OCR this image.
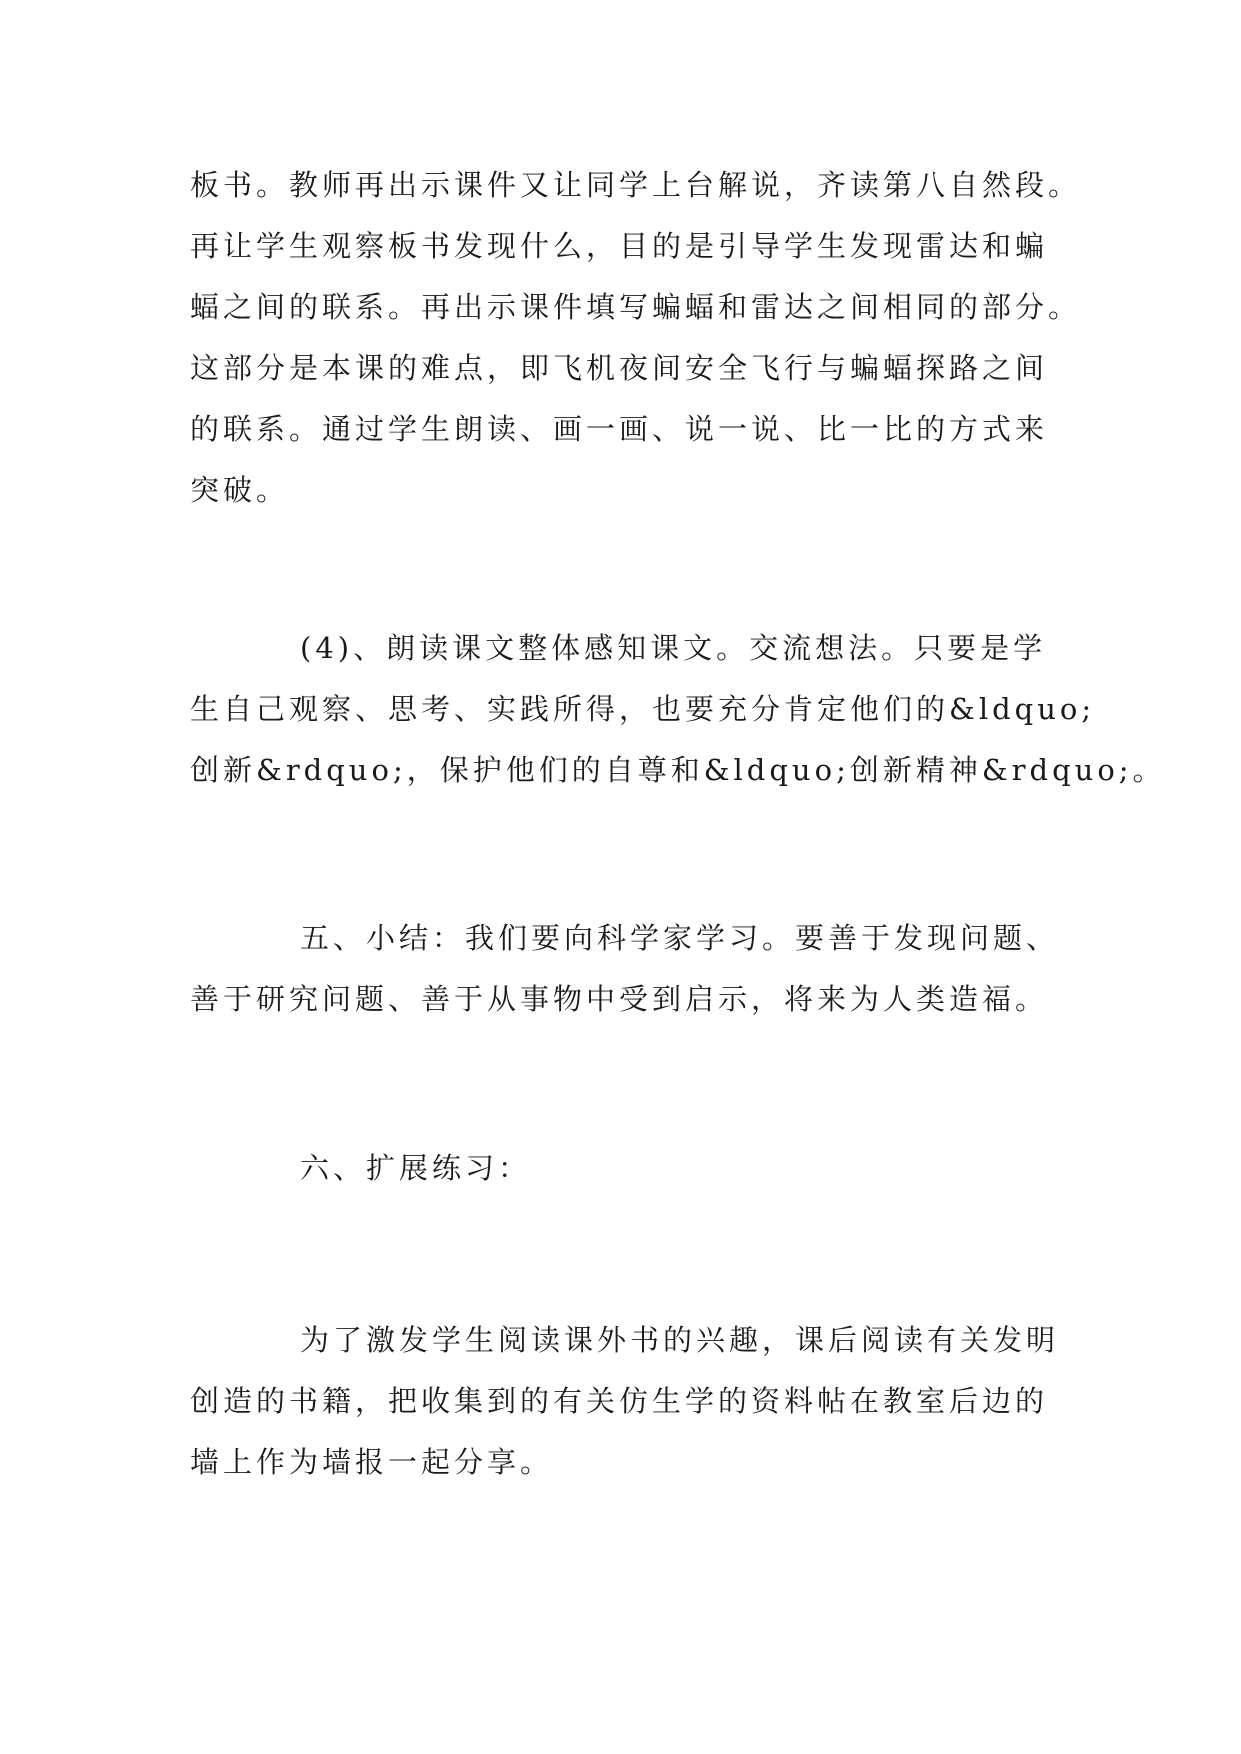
板书。教师再出示课件又让同学上台解说，齐读第八自然段。
再让学生观察板书发现什么，目的是引导学生发现雷达和蝙
蝠之间的联系。再出示课件填写蝙蝠和雷达之间相同的部分。
这部分是本课的难点，即飞机夜间安全飞行与蝙蝠探路之间
的联系。通过学生朗读、画一画、说一说、比一比的方式来
突破。
(4)、朗读课文整体感知课文。交流想法。只要是学
生自己观察、思考、实践所得，也要充分肯定他们的&ldquo;
创新&rdquo;，保护他们的自尊和&ldquo;创新精神&rdquo;。
五、小结：我们要向科学家学习。要善于发现问题、
善于研究问题、善于从事物中受到启示，将来为人类造福。
六、扩展练习：
为了激发学生阅读课外书的兴趣，课后阅读有关发明
创造的书籍，把收集到的有关仿生学的资料帖在教室后边的
墙上作为墙报一起分享。
